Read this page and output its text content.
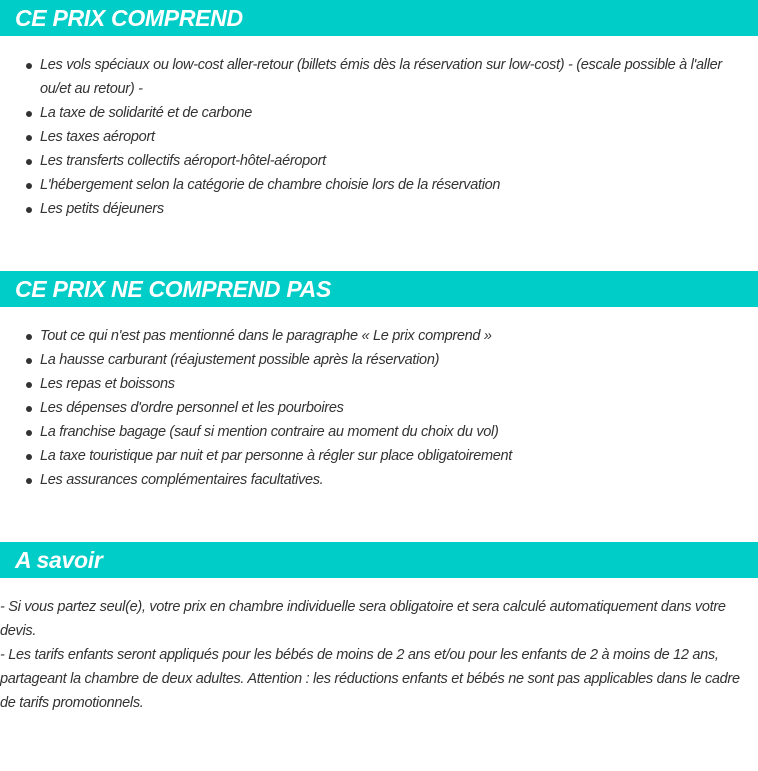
CE PRIX COMPREND
Les vols spéciaux ou low-cost aller-retour (billets émis dès la réservation sur low-cost) - (escale possible à l'aller ou/et au retour) -
La taxe de solidarité et de carbone
Les taxes aéroport
Les transferts collectifs aéroport-hôtel-aéroport
L'hébergement selon la catégorie de chambre choisie lors de la réservation
Les petits déjeuners
CE PRIX NE COMPREND PAS
Tout ce qui n'est pas mentionné dans le paragraphe « Le prix comprend »
La hausse carburant (réajustement possible après la réservation)
Les repas et boissons
Les dépenses d'ordre personnel et les pourboires
La franchise bagage (sauf si mention contraire au moment du choix du vol)
La taxe touristique par nuit et par personne à régler sur place obligatoirement
Les assurances complémentaires facultatives.
A savoir

- Si vous partez seul(e), votre prix en chambre individuelle sera obligatoire et sera calculé automatiquement dans votre devis.

- Les tarifs enfants seront appliqués pour les bébés de moins de 2 ans et/ou pour les enfants de 2 à moins de 12 ans, partageant la chambre de deux adultes. Attention : les réductions enfants et bébés ne sont pas applicables dans le cadre de tarifs promotionnels.
